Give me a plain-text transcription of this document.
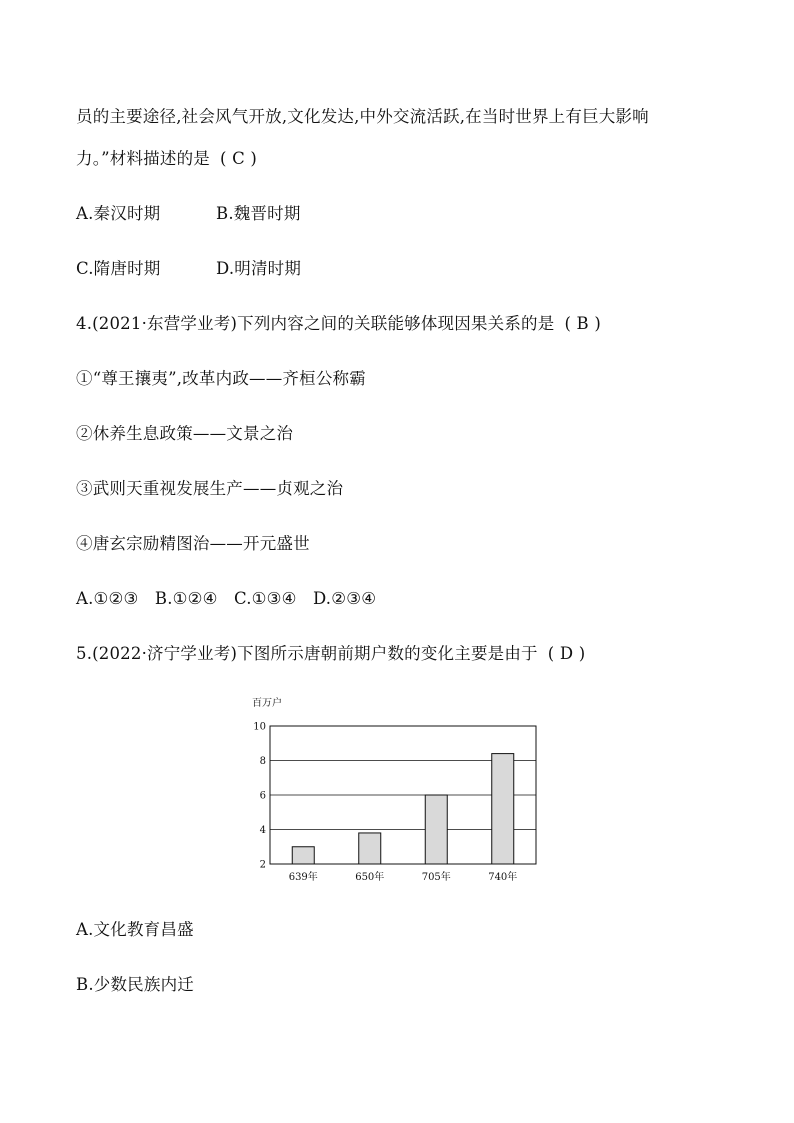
员的主要途径,社会风气开放,文化发达,中外交流活跃,在当时世界上有巨大影响
力。”材料描述的是 ( C )
A.秦汉时期	B.魏晋时期
C.隋唐时期	D.明清时期
4.(2021·东营学业考)下列内容之间的关联能够体现因果关系的是 ( B )
①“尊王攘夷”,改革内政——齐桓公称霸
②休养生息政策——文景之治
③武则天重视发展生产——贞观之治
④唐玄宗励精图治——开元盛世
A.①②③   B.①②④   C.①③④   D.②③④
5.(2022·济宁学业考)下图所示唐朝前期户数的变化主要是由于 ( D )
百万户
2
4
6
8
10
639年	650年	705年	740年
A.文化教育昌盛
B.少数民族内迁
